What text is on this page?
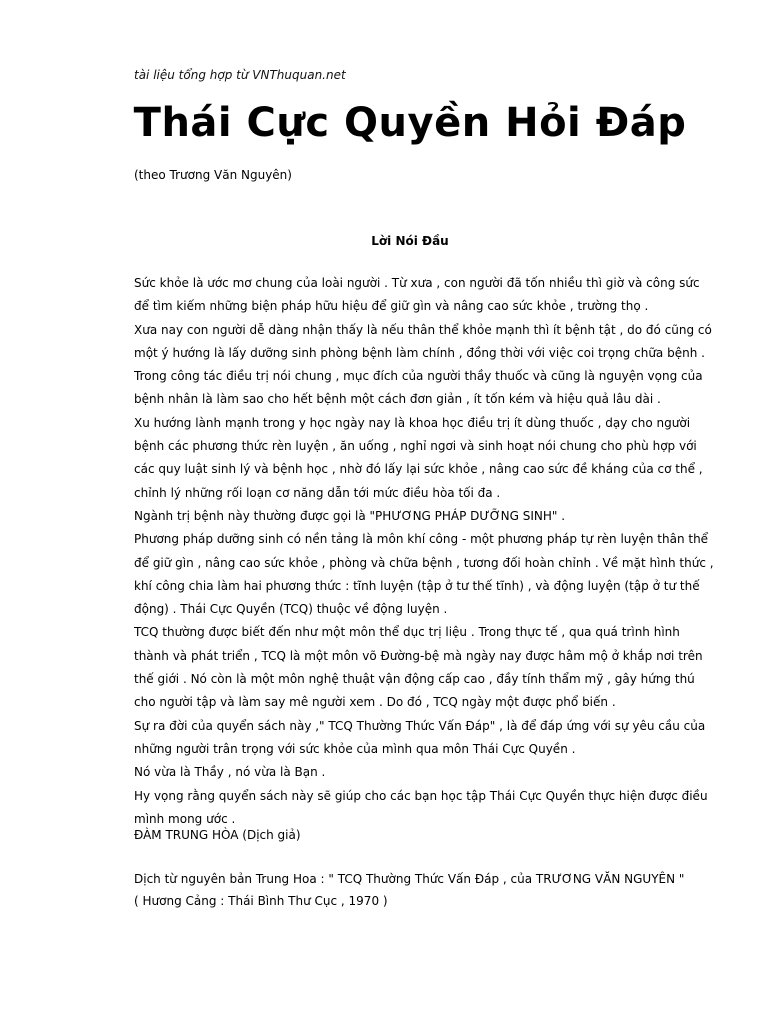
tài liệu tổng hợp từ VNThuquan.net
Thái Cực Quyền Hỏi Đáp
(theo Trương Văn Nguyên)
Lời Nói Đầu

Sức khỏe là ước mơ chung của loài người . Từ xưa , con người đã tốn nhiều thì giờ và công sức để tìm kiếm những biện pháp hữu hiệu để giữ gìn và nâng cao sức khỏe , trường thọ .

Xưa nay con người dễ dàng nhận thấy là nếu thân thể khỏe mạnh thì ít bệnh tật , do đó cũng có một ý hướng là lấy dưỡng sinh phòng bệnh làm chính , đồng thời với việc coi trọng chữa bệnh .

Trong công tác điều trị nói chung , mục đích của người thầy thuốc và cũng là nguyện vọng của bệnh nhân là làm sao cho hết bệnh một cách đơn giản , ít tốn kém và hiệu quả lâu dài .

Xu hướng lành mạnh trong y học ngày nay là khoa học điều trị ít dùng thuốc , dạy cho người bệnh các phương thức rèn luyện , ăn uống , nghỉ ngơi và sinh hoạt nói chung cho phù hợp với các quy luật sinh lý và bệnh học , nhờ đó lấy lại sức khỏe , nâng cao sức đề kháng của cơ thể , chỉnh lý những rối loạn cơ năng dẫn tới mức điều hòa tối đa .

Ngành trị bệnh này thường được gọi là "PHƯƠNG PHÁP DƯỠNG SINH" .

Phương pháp dưỡng sinh có nền tảng là môn khí công - một phương pháp tự rèn luyện thân thể để giữ gìn , nâng cao sức khỏe , phòng và chữa bệnh , tương đối hoàn chỉnh . Về mặt hình thức , khí công chia làm hai phương thức : tĩnh luyện (tập ở tư thế tĩnh) , và động luyện (tập ở tư thế động) . Thái Cực Quyền (TCQ) thuộc về động luyện .

TCQ thường được biết đến như một môn thể dục trị liệu . Trong thực tế , qua quá trình hình thành và phát triển , TCQ là một môn võ Đường-bệ mà ngày nay được hâm mộ ở khắp nơi trên thế giới . Nó còn là một môn nghệ thuật vận động cấp cao , đầy tính thẩm mỹ , gây hứng thú cho người tập và làm say mê người xem . Do đó , TCQ ngày một được phổ biến .

Sự ra đời của quyển sách này ," TCQ Thường Thức Vấn Đáp" , là để đáp ứng với sự yêu cầu của những người trân trọng với sức khỏe của mình qua môn Thái Cực Quyền .

Nó vừa là Thầy , nó vừa là Bạn .

Hy vọng rằng quyển sách này sẽ giúp cho các bạn học tập Thái Cực Quyền thực hiện được điều mình mong ước .

ĐÀM TRUNG HÒA (Dịch giả)
Dịch từ nguyên bản Trung Hoa : " TCQ Thường Thức Vấn Đáp , của TRƯƠNG VĂN NGUYÊN "
( Hương Cảng : Thái Bình Thư Cục , 1970 )
